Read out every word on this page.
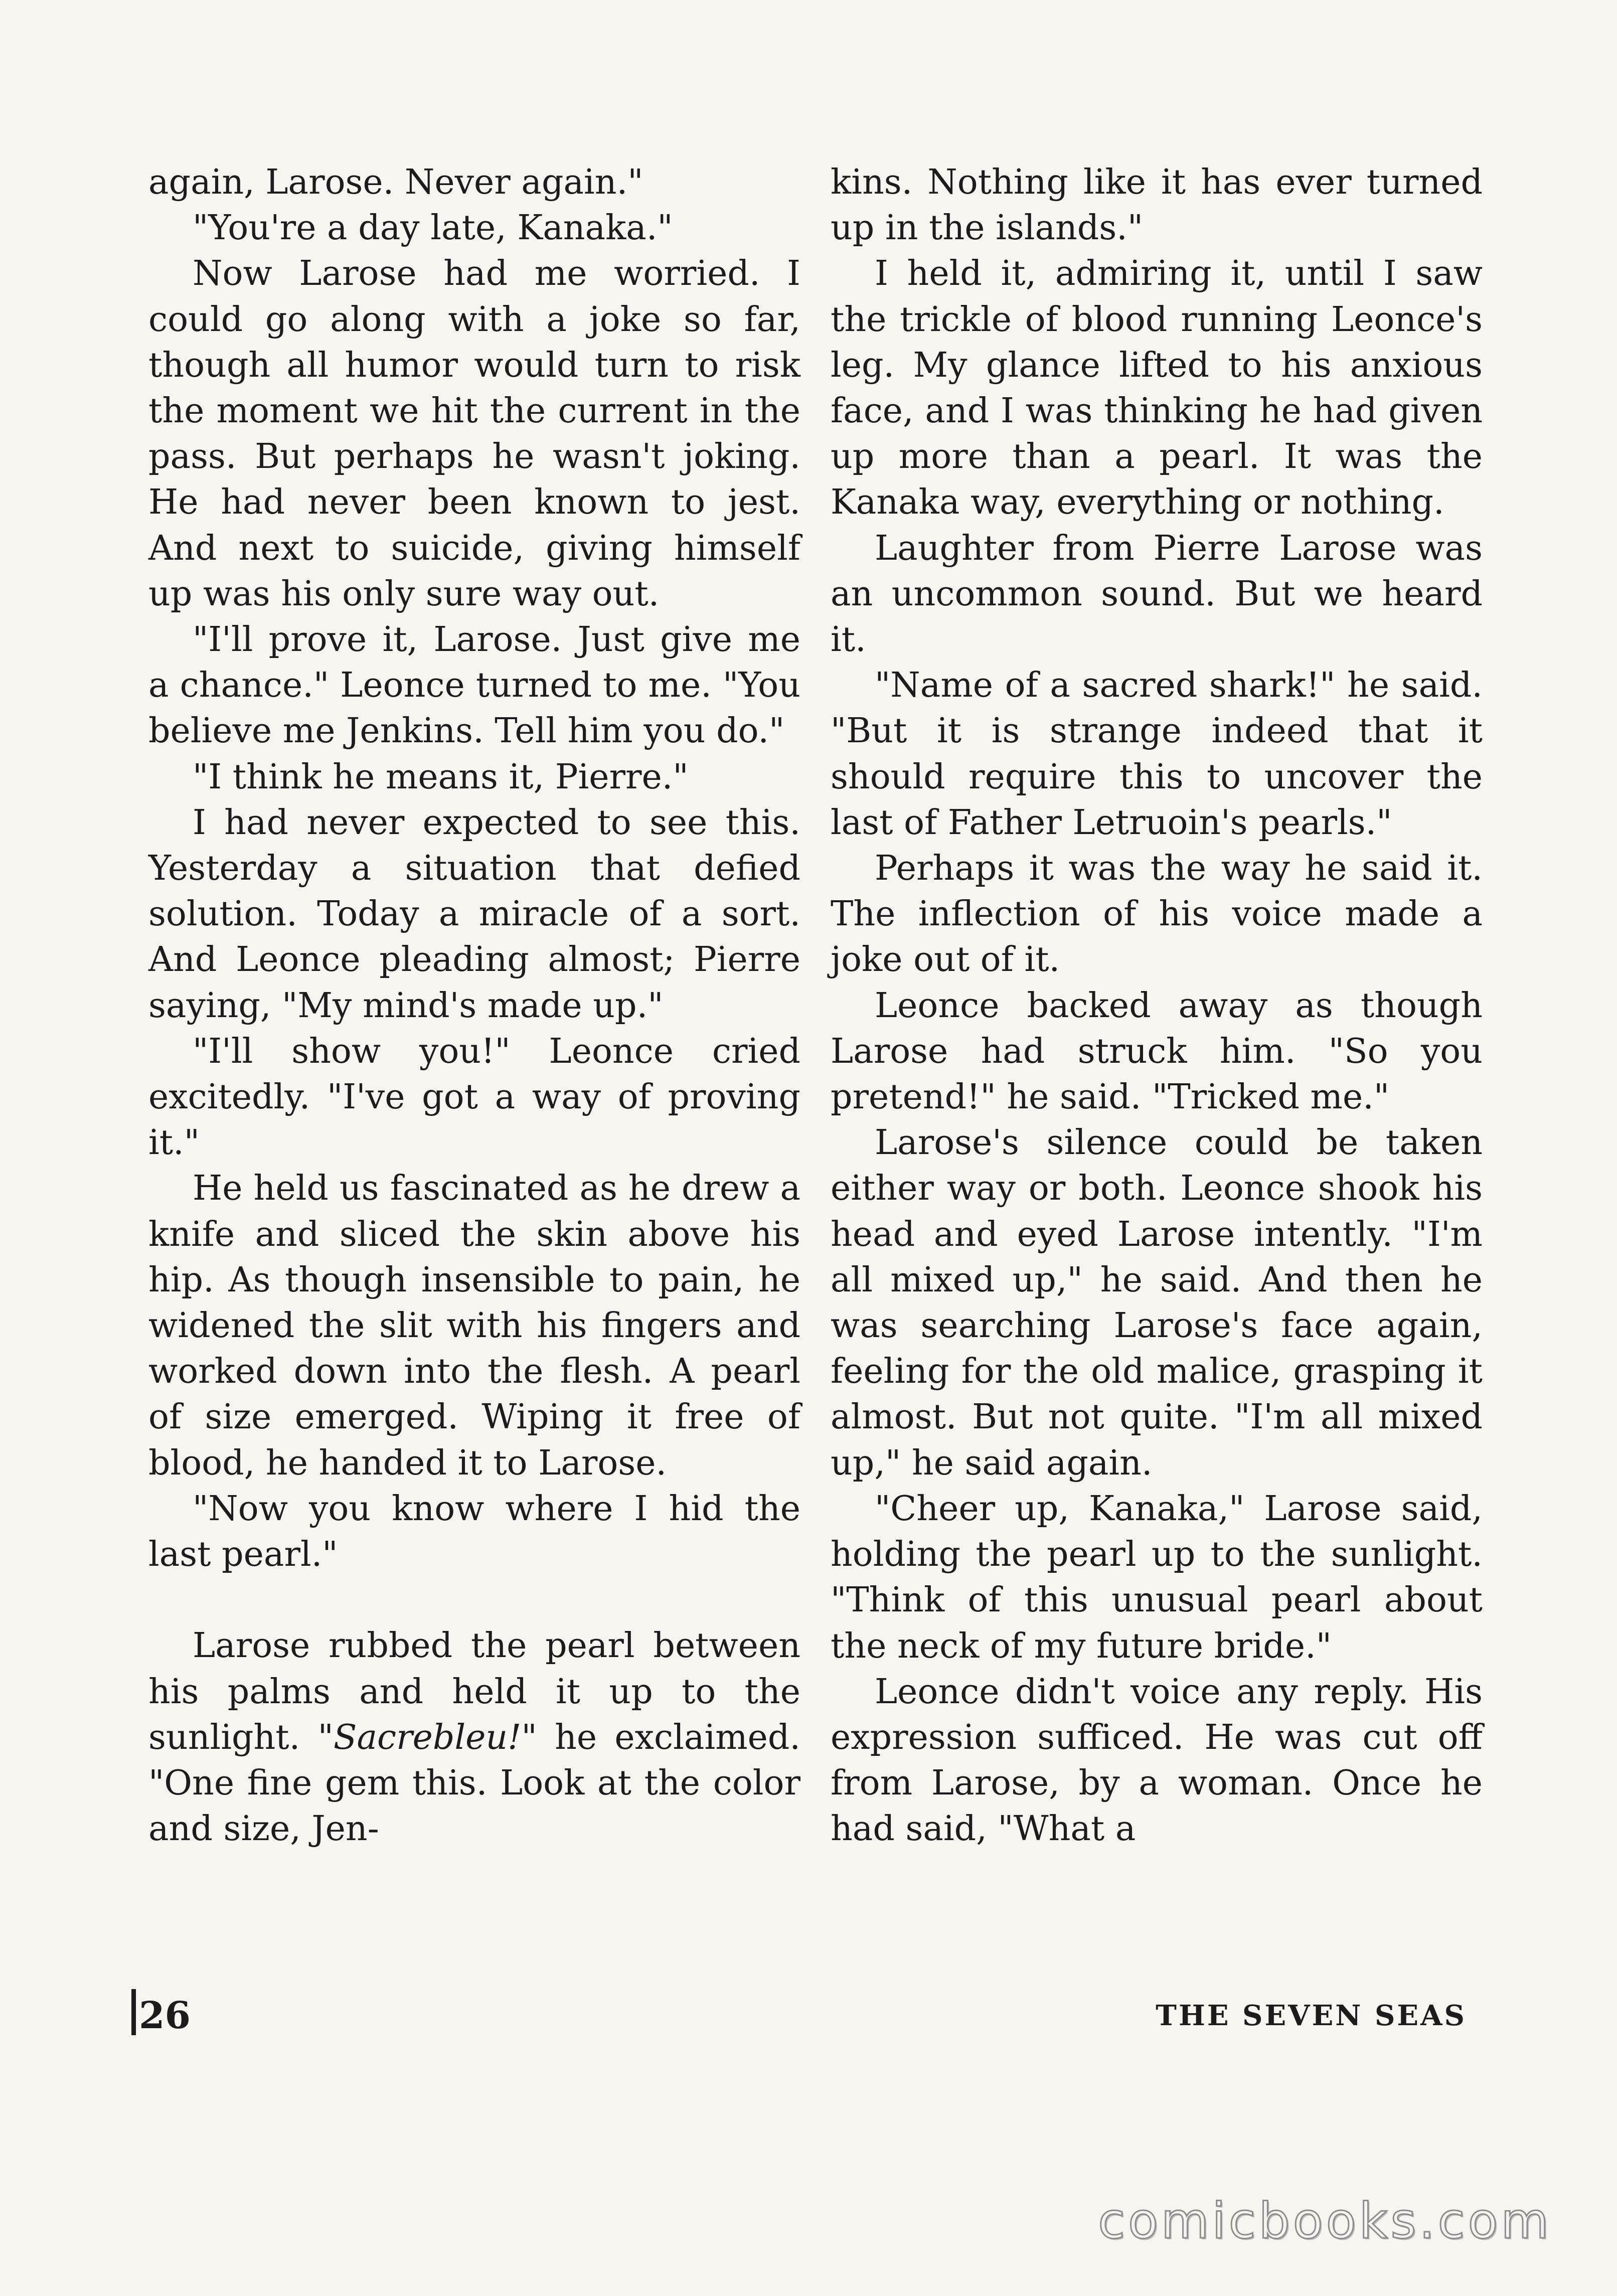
again, Larose. Never again."

"You're a day late, Kanaka."

Now Larose had me worried. I could go along with a joke so far, though all humor would turn to risk the moment we hit the current in the pass. But perhaps he wasn't joking. He had never been known to jest. And next to suicide, giving himself up was his only sure way out.

"I'll prove it, Larose. Just give me a chance." Leonce turned to me. "You believe me Jenkins. Tell him you do."

"I think he means it, Pierre."

I had never expected to see this. Yesterday a situation that defied solution. Today a miracle of a sort. And Leonce pleading almost; Pierre saying, "My mind's made up."

"I'll show you!" Leonce cried excitedly. "I've got a way of proving it."

He held us fascinated as he drew a knife and sliced the skin above his hip. As though insensible to pain, he widened the slit with his fingers and worked down into the flesh. A pearl of size emerged. Wiping it free of blood, he handed it to Larose.

"Now you know where I hid the last pearl."

Larose rubbed the pearl between his palms and held it up to the sunlight. "Sacrebleu!" he exclaimed. "One fine gem this. Look at the color and size, Jen-

kins. Nothing like it has ever turned up in the islands."

I held it, admiring it, until I saw the trickle of blood running Leonce's leg. My glance lifted to his anxious face, and I was thinking he had given up more than a pearl. It was the Kanaka way, everything or nothing.

Laughter from Pierre Larose was an uncommon sound. But we heard it.

"Name of a sacred shark!" he said. "But it is strange indeed that it should require this to uncover the last of Father Letruoin's pearls."

Perhaps it was the way he said it. The inflection of his voice made a joke out of it.

Leonce backed away as though Larose had struck him. "So you pretend!" he said. "Tricked me."

Larose's silence could be taken either way or both. Leonce shook his head and eyed Larose intently. "I'm all mixed up," he said. And then he was searching Larose's face again, feeling for the old malice, grasping it almost. But not quite. "I'm all mixed up," he said again.

"Cheer up, Kanaka," Larose said, holding the pearl up to the sunlight. "Think of this unusual pearl about the neck of my future bride."

Leonce didn't voice any reply. His expression sufficed. He was cut off from Larose, by a woman. Once he had said, "What a

26	THE SEVEN SEAS
comicbooks.com
